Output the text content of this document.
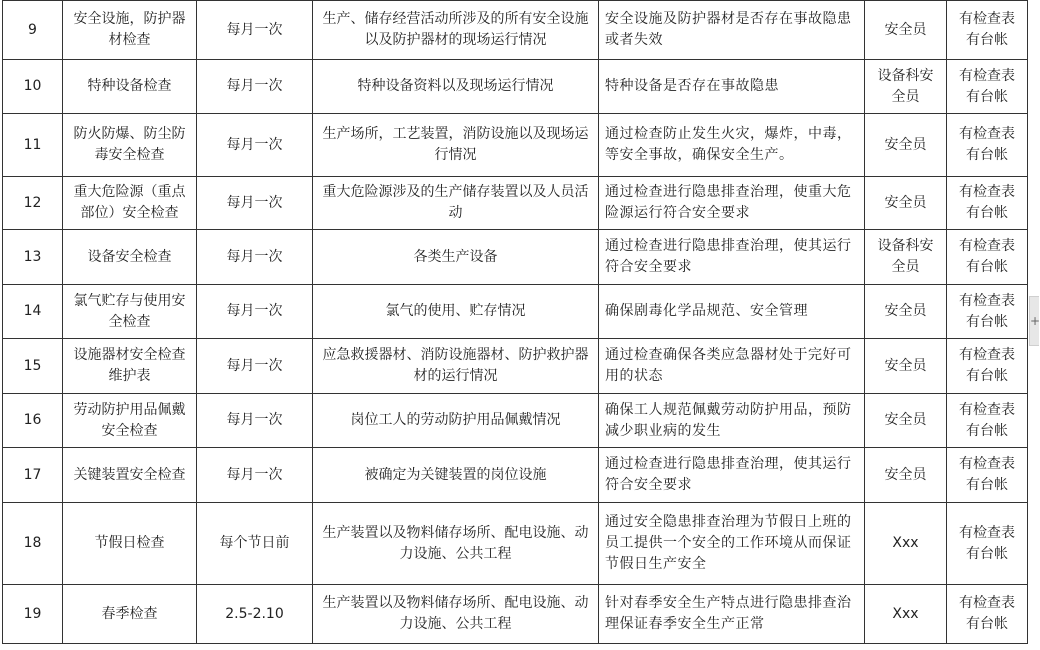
9	安全设施，防护器材检查	每月一次	生产、储存经营活动所涉及的所有安全设施以及防护器材的现场运行情况	安全设施及防护器材是否存在事故隐患或者失效	安全员	有检查表有台帐
10	特种设备检查	每月一次	特种设备资料以及现场运行情况	特种设备是否存在事故隐患	设备科安全员	有检查表有台帐
11	防火防爆、防尘防毒安全检查	每月一次	生产场所，工艺装置，消防设施以及现场运行情况	通过检查防止发生火灾，爆炸，中毒，等安全事故，确保安全生产。	安全员	有检查表有台帐
12	重大危险源（重点部位）安全检查	每月一次	重大危险源涉及的生产储存装置以及人员活动	通过检查进行隐患排查治理，使重大危险源运行符合安全要求	安全员	有检查表有台帐
13	设备安全检查	每月一次	各类生产设备	通过检查进行隐患排查治理，使其运行符合安全要求	设备科安全员	有检查表有台帐
14	氯气贮存与使用安全检查	每月一次	氯气的使用、贮存情况	确保剧毒化学品规范、安全管理	安全员	有检查表有台帐
15	设施器材安全检查维护表	每月一次	应急救援器材、消防设施器材、防护救护器材的运行情况	通过检查确保各类应急器材处于完好可用的状态	安全员	有检查表有台帐
16	劳动防护用品佩戴安全检查	每月一次	岗位工人的劳动防护用品佩戴情况	确保工人规范佩戴劳动防护用品，预防减少职业病的发生	安全员	有检查表有台帐
17	关键装置安全检查	每月一次	被确定为关键装置的岗位设施	通过检查进行隐患排查治理，使其运行符合安全要求	安全员	有检查表有台帐
18	节假日检查	每个节日前	生产装置以及物料储存场所、配电设施、动力设施、公共工程	通过安全隐患排查治理为节假日上班的员工提供一个安全的工作环境从而保证节假日生产安全	Xxx	有检查表有台帐
19	春季检查	2.5-2.10	生产装置以及物料储存场所、配电设施、动力设施、公共工程	针对春季安全生产特点进行隐患排查治理保证春季安全生产正常	Xxx	有检查表有台帐
+
